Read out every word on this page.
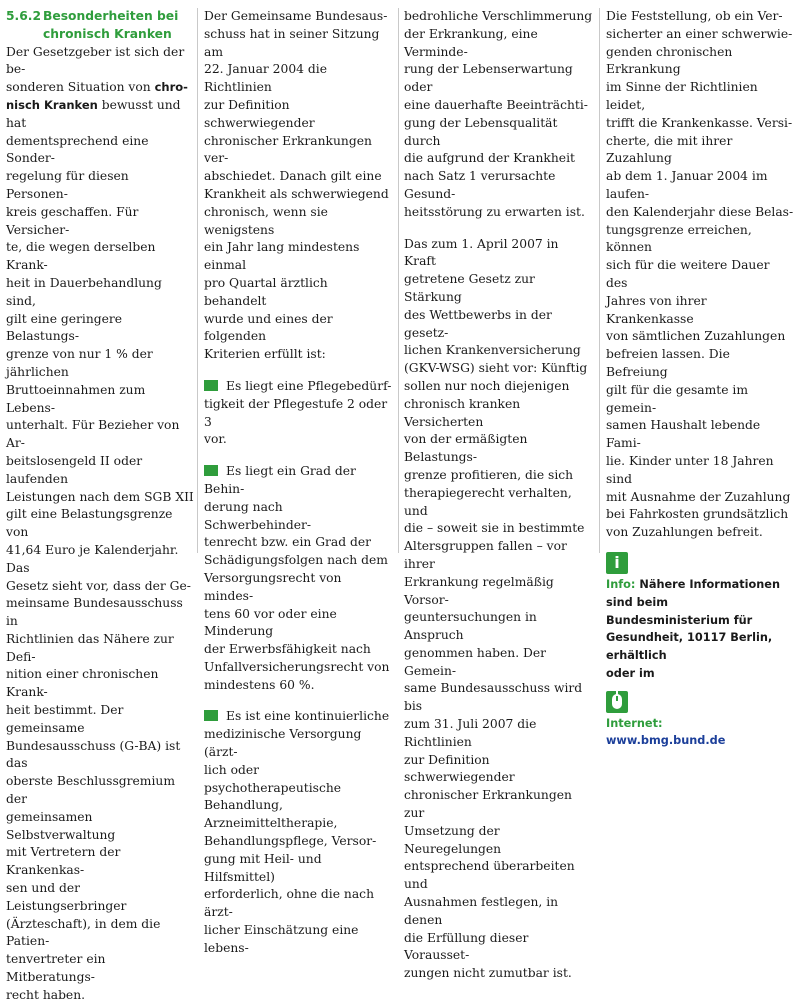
5.6.2 Besonderheiten bei
chronisch Kranken

Der Gesetzgeber ist sich der be-
sonderen Situation von chro-
nisch Kranken bewusst und hat
dementsprechend eine Sonder-
regelung für diesen Personen-
kreis geschaffen. Für Versicher-
te, die wegen derselben Krank-
heit in Dauerbehandlung sind,
gilt eine geringere Belastungs-
grenze von nur 1 % der jährlichen
Bruttoeinnahmen zum Lebens-
unterhalt. Für Bezieher von Ar-
beitslosengeld II oder laufenden
Leistungen nach dem SGB XII
gilt eine Belastungsgrenze von
41,64 Euro je Kalenderjahr. Das
Gesetz sieht vor, dass der Ge-
meinsame Bundesausschuss in
Richtlinien das Nähere zur Defi-
nition einer chronischen Krank-
heit bestimmt. Der gemeinsame
Bundesausschuss (G-BA) ist das
oberste Beschlussgremium der
gemeinsamen Selbstverwaltung
mit Vertretern der Krankenkas-
sen und der Leistungserbringer
(Ärzteschaft), in dem die Patien-
tenvertreter ein Mitberatungs-
recht haben.

Der Gemeinsame Bundesaus-
schuss hat in seiner Sitzung am
22. Januar 2004 die Richtlinien
zur Definition schwerwiegender
chronischer Erkrankungen ver-
abschiedet. Danach gilt eine
Krankheit als schwerwiegend
chronisch, wenn sie wenigstens
ein Jahr lang mindestens einmal
pro Quartal ärztlich behandelt
wurde und eines der folgenden
Kriterien erfüllt ist:

Es liegt eine Pflegebedürf-
tigkeit der Pflegestufe 2 oder 3
vor.

Es liegt ein Grad der Behin-
derung nach Schwerbehinder-
tenrecht bzw. ein Grad der
Schädigungsfolgen nach dem
Versorgungsrecht von mindes-
tens 60 vor oder eine Minderung
der Erwerbsfähigkeit nach
Unfallversicherungsrecht von
mindestens 60 %.

Es ist eine kontinuierliche
medizinische Versorgung (ärzt-
lich oder psychotherapeutische
Behandlung, Arzneimitteltherapie,
Behandlungspflege, Versor-
gung mit Heil- und Hilfsmittel)
erforderlich, ohne die nach ärzt-
licher Einschätzung eine lebens-

bedrohliche Verschlimmerung
der Erkrankung, eine Verminde-
rung der Lebenserwartung oder
eine dauerhafte Beeinträchti-
gung der Lebensqualität durch
die aufgrund der Krankheit
nach Satz 1 verursachte Gesund-
heitsstörung zu erwarten ist.

Das zum 1. April 2007 in Kraft
getretene Gesetz zur Stärkung
des Wettbewerbs in der gesetz-
lichen Krankenversicherung
(GKV-WSG) sieht vor: Künftig
sollen nur noch diejenigen
chronisch kranken Versicherten
von der ermäßigten Belastungs-
grenze profitieren, die sich
therapiegerecht verhalten, und
die – soweit sie in bestimmte
Altersgruppen fallen – vor ihrer
Erkrankung regelmäßig Vorsor-
geuntersuchungen in Anspruch
genommen haben. Der Gemein-
same Bundesausschuss wird bis
zum 31. Juli 2007 die Richtlinien
zur Definition schwerwiegender
chronischer Erkrankungen zur
Umsetzung der Neuregelungen
entsprechend überarbeiten und
Ausnahmen festlegen, in denen
die Erfüllung dieser Vorausset-
zungen nicht zumutbar ist.

Die Feststellung, ob ein Ver-
sicherter an einer schwerwie-
genden chronischen Erkrankung
im Sinne der Richtlinien leidet,
trifft die Krankenkasse. Versi-
cherte, die mit ihrer Zuzahlung
ab dem 1. Januar 2004 im laufen-
den Kalenderjahr diese Belas-
tungsgrenze erreichen, können
sich für die weitere Dauer des
Jahres von ihrer Krankenkasse
von sämtlichen Zuzahlungen
befreien lassen. Die Befreiung
gilt für die gesamte im gemein-
samen Haushalt lebende Fami-
lie. Kinder unter 18 Jahren sind
mit Ausnahme der Zuzahlung
bei Fahrkosten grundsätzlich
von Zuzahlungen befreit.

i

Info: Nähere Informationen
sind beim Bundesministerium für
Gesundheit, 10117 Berlin, erhältlich
oder im

Internet:
www.bmg.bund.de
